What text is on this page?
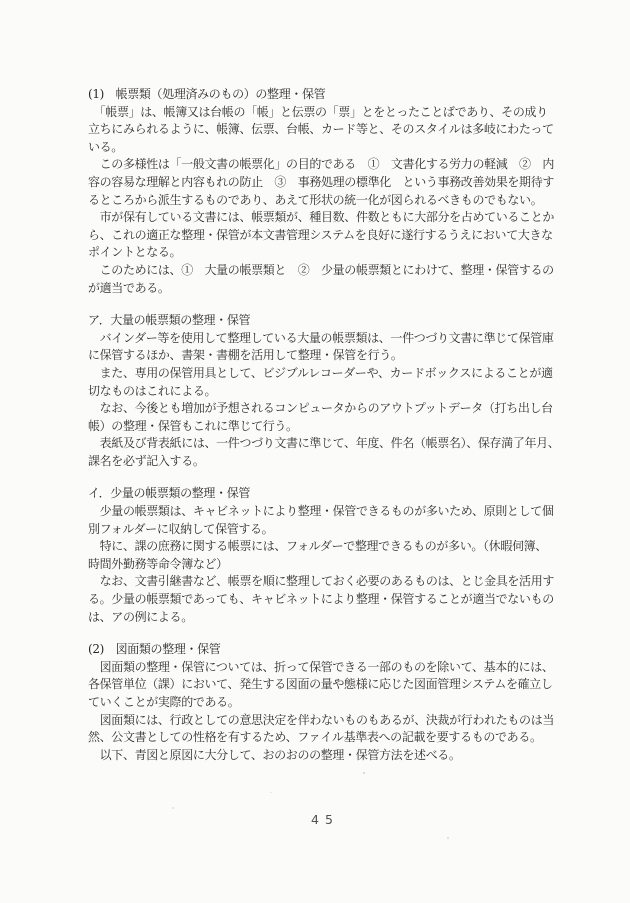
(1)　帳票類（処理済みのもの）の整理・保管
　「帳票」は、帳簿又は台帳の「帳」と伝票の「票」とをとったことばであり、その成り
立ちにみられるように、帳簿、伝票、台帳、カード等と、そのスタイルは多岐にわたって
いる。
　この多様性は「一般文書の帳票化」の目的である　①　文書化する労力の軽減　②　内
容の容易な理解と内容もれの防止　③　事務処理の標準化　という事務改善効果を期待す
るところから派生するものであり、あえて形状の統一化が図られるべきものでもない。
　市が保有している文書には、帳票類が、種目数、件数ともに大部分を占めていることか
ら、これの適正な整理・保管が本文書管理システムを良好に遂行するうえにおいて大きな
ポイントとなる。
　このためには、①　大量の帳票類と　②　少量の帳票類とにわけて、整理・保管するの
が適当である。
ア．大量の帳票類の整理・保管
　バインダー等を使用して整理している大量の帳票類は、一件つづり文書に準じて保管庫
に保管するほか、書架・書棚を活用して整理・保管を行う。
　また、専用の保管用具として、ビジブルレコーダーや、カードボックスによることが適
切なものはこれによる。
　なお、今後とも増加が予想されるコンピュータからのアウトプットデータ（打ち出し台
帳）の整理・保管もこれに準じて行う。
　表紙及び背表紙には、一件つづり文書に準じて、年度、件名（帳票名）、保存満了年月、
課名を必ず記入する。
イ．少量の帳票類の整理・保管
　少量の帳票類は、キャビネットにより整理・保管できるものが多いため、原則として個
別フォルダーに収納して保管する。
　特に、課の庶務に関する帳票には、フォルダーで整理できるものが多い。（休暇伺簿、
時間外勤務等命令簿など）
　なお、文書引継書など、帳票を順に整理しておく必要のあるものは、とじ金具を活用す
る。少量の帳票類であっても、キャビネットにより整理・保管することが適当でないもの
は、アの例による。
(2)　図面類の整理・保管
　図面類の整理・保管については、折って保管できる一部のものを除いて、基本的には、
各保管単位（課）において、発生する図面の量や態様に応じた図面管理システムを確立し
ていくことが実際的である。
　図面類には、行政としての意思決定を伴わないものもあるが、決裁が行われたものは当
然、公文書としての性格を有するため、ファイル基準表への記載を要するものである。
　以下、青図と原図に大分して、おのおのの整理・保管方法を述べる。
45
